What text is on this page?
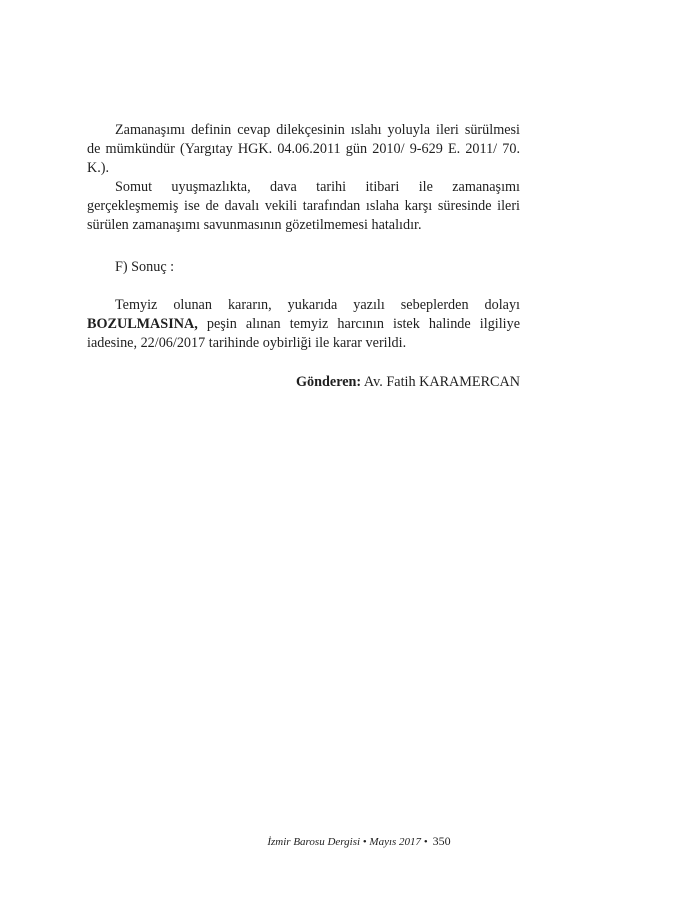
Zamanaşımı definin cevap dilekçesinin ıslahı yoluyla ileri sürülmesi de mümkündür (Yargıtay HGK. 04.06.2011 gün 2010/ 9-629 E. 2011/ 70. K.).

Somut uyuşmazlıkta, dava tarihi itibari ile zamanaşımı gerçekleşmemiş ise de davalı vekili tarafından ıslaha karşı süresinde ileri sürülen zamanaşımı savunmasının gözetilmemesi hatalıdır.

F) Sonuç :

Temyiz olunan kararın, yukarıda yazılı sebeplerden dolayı BOZULMASINA, peşin alınan temyiz harcının istek halinde ilgiliye iadesine, 22/06/2017 tarihinde oybirliği ile karar verildi.

Gönderen: Av. Fatih KARAMERCAN
İzmir Barosu Dergisi • Mayıs 2017 • 350
